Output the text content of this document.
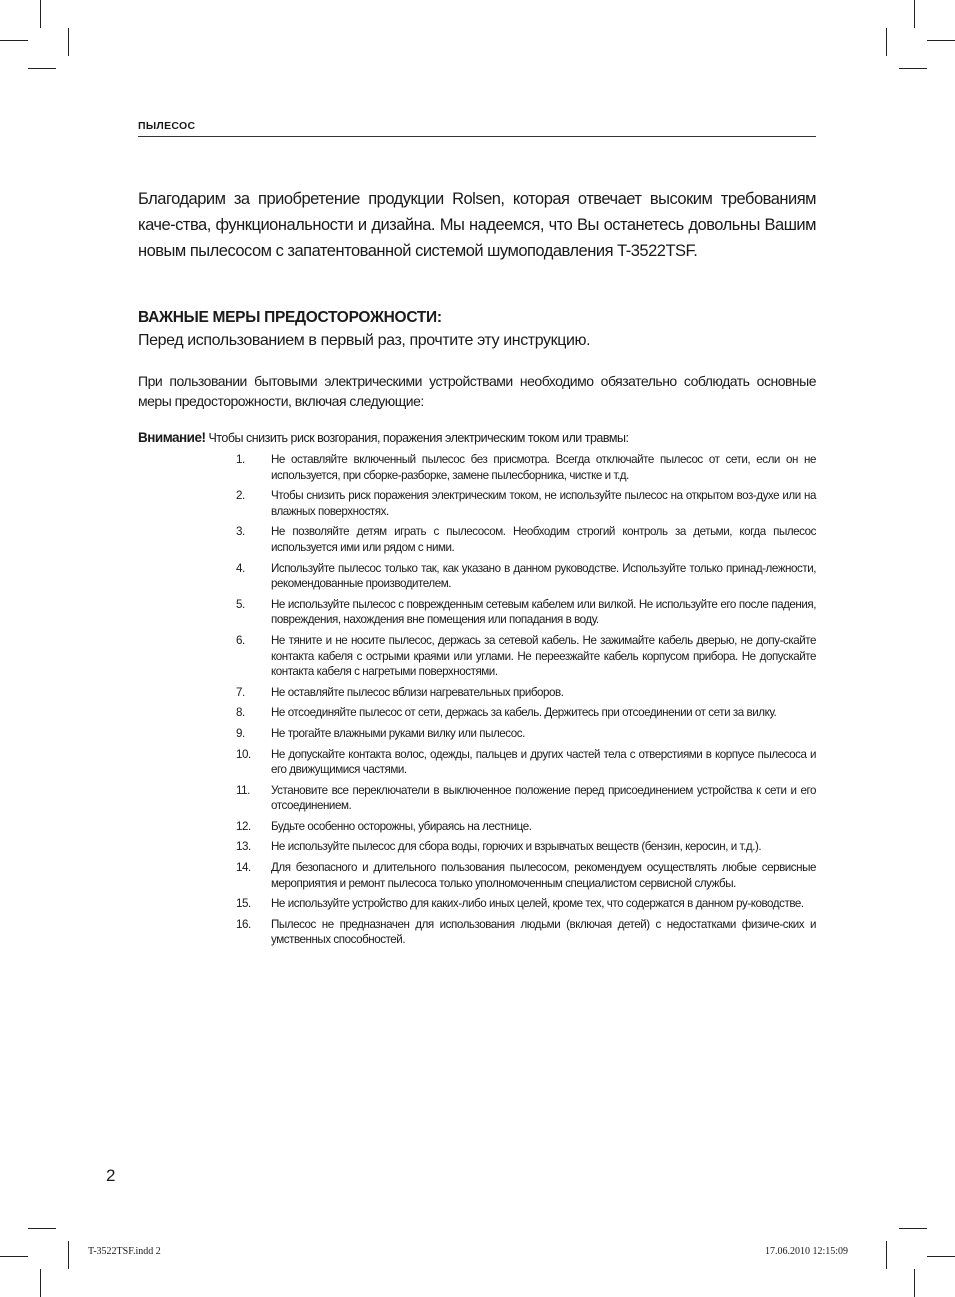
ПЫЛЕСОС

Благодарим за приобретение продукции Rolsen, которая отвечает высоким требованиям каче-ства, функциональности и дизайна. Мы надеемся, что Вы останетесь довольны Вашим новым пылесосом с запатентованной системой шумоподавления T-3522TSF.

ВАЖНЫЕ МЕРЫ ПРЕДОСТОРОЖНОСТИ:

Перед использованием в первый раз, прочтите эту инструкцию.

При пользовании бытовыми электрическими устройствами необходимо обязательно соблюдать основные меры предосторожности, включая следующие:

Внимание! Чтобы снизить риск возгорания, поражения электрическим током или травмы:

1. Не оставляйте включенный пылесос без присмотра. Всегда отключайте пылесос от сети, если он не используется, при сборке-разборке, замене пылесборника, чистке и т.д.
2. Чтобы снизить риск поражения электрическим током, не используйте пылесос на открытом воз-духе или на влажных поверхностях.
3. Не позволяйте детям играть с пылесосом. Необходим строгий контроль за детьми, когда пылесос используется ими или рядом с ними.
4. Используйте пылесос только так, как указано в данном руководстве. Используйте только принад-лежности, рекомендованные производителем.
5. Не используйте пылесос с поврежденным сетевым кабелем или вилкой. Не используйте его после падения, повреждения, нахождения вне помещения или попадания в воду.
6. Не тяните и не носите пылесос, держась за сетевой кабель. Не зажимайте кабель дверью, не допу-скайте контакта кабеля с острыми краями или углами. Не переезжайте кабель корпусом прибора. Не допускайте контакта кабеля с нагретыми поверхностями.
7. Не оставляйте пылесос вблизи нагревательных приборов.
8. Не отсоединяйте пылесос от сети, держась за кабель. Держитесь при отсоединении от сети за вилку.
9. Не трогайте влажными руками вилку или пылесос.
10. Не допускайте контакта волос, одежды, пальцев и других частей тела с отверстиями в корпусе пылесоса и его движущимися частями.
11. Установите все переключатели в выключенное положение перед присоединением устройства к сети и его отсоединением.
12. Будьте особенно осторожны, убираясь на лестнице.
13. Не используйте пылесос для сбора воды, горючих и взрывчатых веществ (бензин, керосин, и т.д.).
14. Для безопасного и длительного пользования пылесосом, рекомендуем осуществлять любые сервисные мероприятия и ремонт пылесоса только уполномоченным специалистом сервисной службы.
15. Не используйте устройство для каких-либо иных целей, кроме тех, что содержатся в данном ру-ководстве.
16. Пылесос не предназначен для использования людьми (включая детей) с недостатками физиче-ских и умственных способностей.
2
T-3522TSF.indd 2	17.06.2010 12:15:09
